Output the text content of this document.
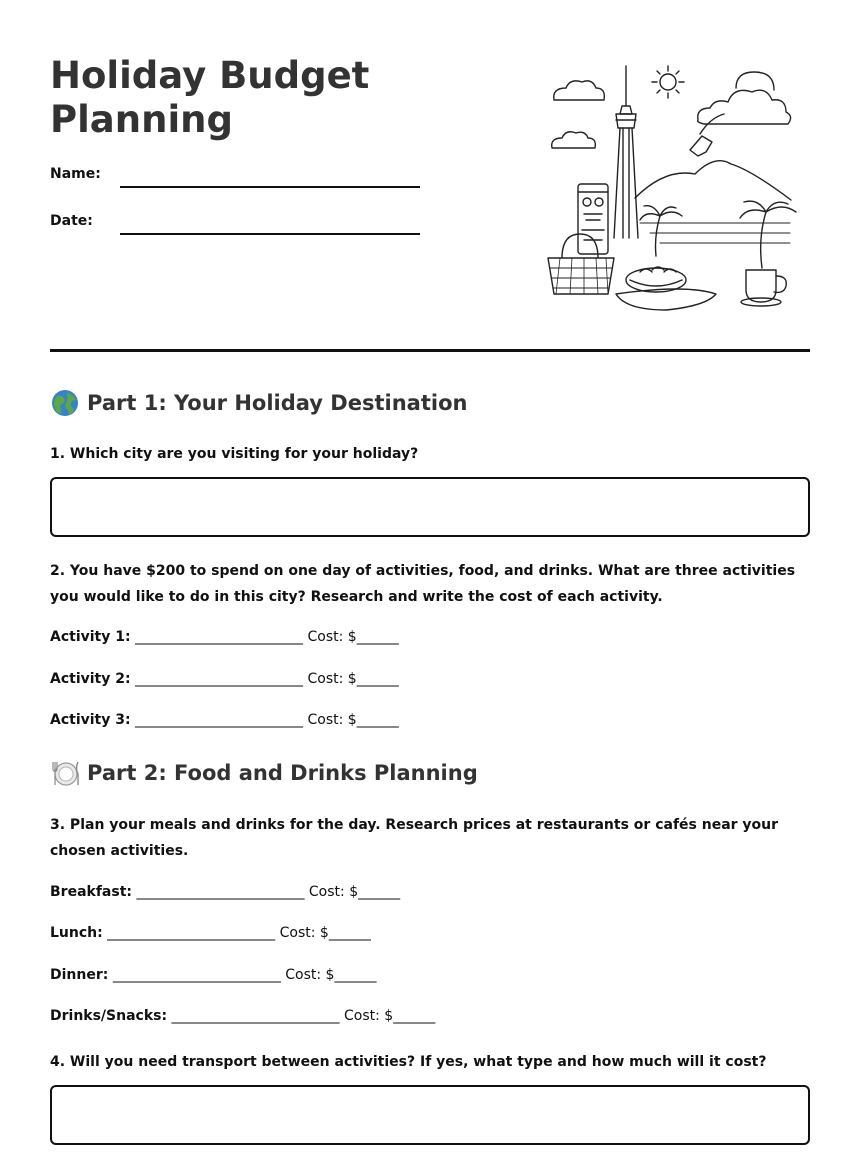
Holiday Budget Planning
Name:
Date:
Part 1: Your Holiday Destination

1. Which city are you visiting for your holiday?

2. You have $200 to spend on one day of activities, food, and drinks. What are three activities you would like to do in this city? Research and write the cost of each activity.

Activity 1: ________________________ Cost: $______
Activity 2: ________________________ Cost: $______
Activity 3: ________________________ Cost: $______
Part 2: Food and Drinks Planning

3. Plan your meals and drinks for the day. Research prices at restaurants or cafés near your chosen activities.

Breakfast: ________________________ Cost: $______
Lunch: ________________________ Cost: $______
Dinner: ________________________ Cost: $______
Drinks/Snacks: ________________________ Cost: $______

4. Will you need transport between activities? If yes, what type and how much will it cost?
